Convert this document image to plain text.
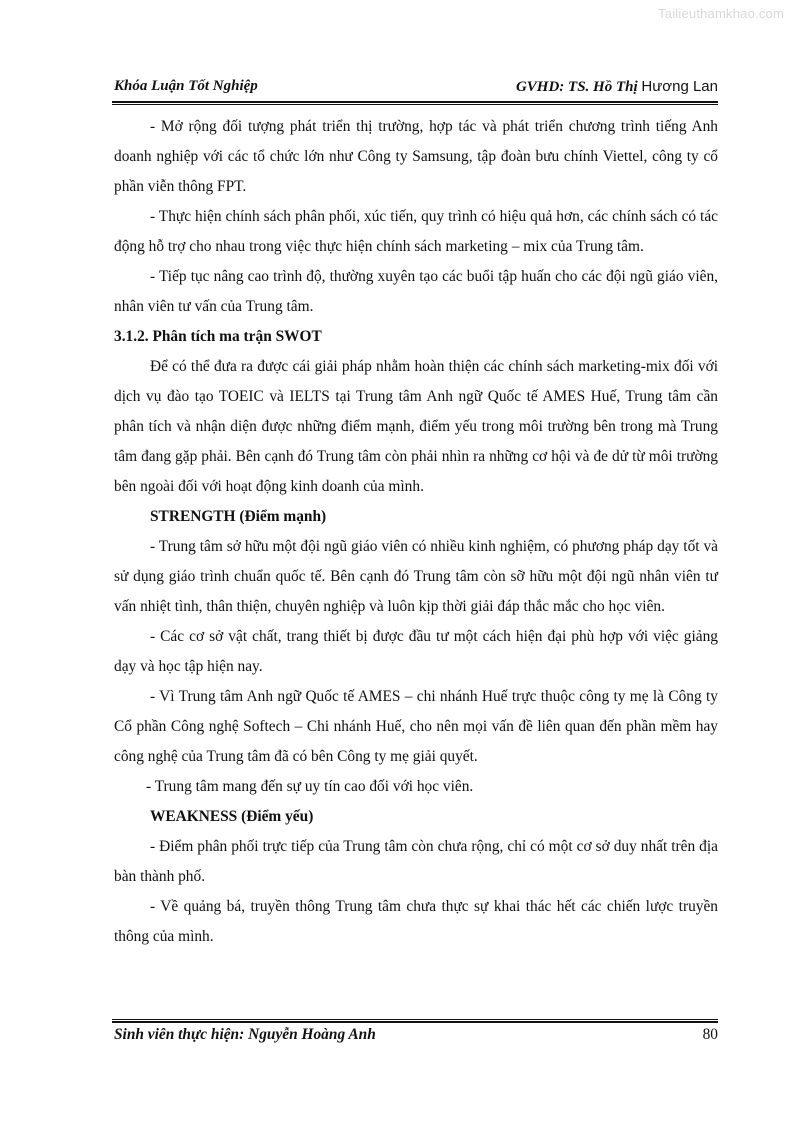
Tailieuthamkhao.com
Khóa Luận Tốt Nghiệp	GVHD: TS. Hồ Thị Hương Lan

- Mở rộng đối tượng phát triển thị trường, hợp tác và phát triển chương trình tiếng Anh doanh nghiệp với các tổ chức lớn như Công ty Samsung, tập đoàn bưu chính Viettel, công ty cổ phần viễn thông FPT.

- Thực hiện chính sách phân phối, xúc tiến, quy trình có hiệu quả hơn, các chính sách có tác động hỗ trợ cho nhau trong việc thực hiện chính sách marketing – mix của Trung tâm.

- Tiếp tục nâng cao trình độ, thường xuyên tạo các buổi tập huấn cho các đội ngũ giáo viên, nhân viên tư vấn của Trung tâm.

3.1.2. Phân tích ma trận SWOT

Để có thể đưa ra được cái giải pháp nhằm hoàn thiện các chính sách marketing-mix đối với dịch vụ đào tạo TOEIC và IELTS tại Trung tâm Anh ngữ Quốc tế AMES Huế, Trung tâm cần phân tích và nhận diện được những điểm mạnh, điểm yếu trong môi trường bên trong mà Trung tâm đang gặp phải. Bên cạnh đó Trung tâm còn phải nhìn ra những cơ hội và đe dử từ môi trường bên ngoài đối với hoạt động kinh doanh của mình.

STRENGTH (Điểm mạnh)

- Trung tâm sở hữu một đội ngũ giáo viên có nhiều kinh nghiệm, có phương pháp dạy tốt và sử dụng giáo trình chuẩn quốc tế. Bên cạnh đó Trung tâm còn sỡ hữu một đội ngũ nhân viên tư vấn nhiệt tình, thân thiện, chuyên nghiệp và luôn kịp thời giải đáp thắc mắc cho học viên.

- Các cơ sở vật chất, trang thiết bị được đầu tư một cách hiện đại phù hợp với việc giảng dạy và học tập hiện nay.

- Vì Trung tâm Anh ngữ Quốc tế AMES – chi nhánh Huế trực thuộc công ty mẹ là Công ty Cổ phần Công nghệ Softech – Chi nhánh Huế, cho nên mọi vấn đề liên quan đến phần mềm hay công nghệ của Trung tâm đã có bên Công ty mẹ giải quyết.

- Trung tâm mang đến sự uy tín cao đối với học viên.

WEAKNESS (Điểm yếu)

- Điểm phân phối trực tiếp của Trung tâm còn chưa rộng, chỉ có một cơ sở duy nhất trên địa bàn thành phố.

- Về quảng bá, truyền thông Trung tâm chưa thực sự khai thác hết các chiến lược truyền thông của mình.

Sinh viên thực hiện: Nguyễn Hoàng Anh	80
